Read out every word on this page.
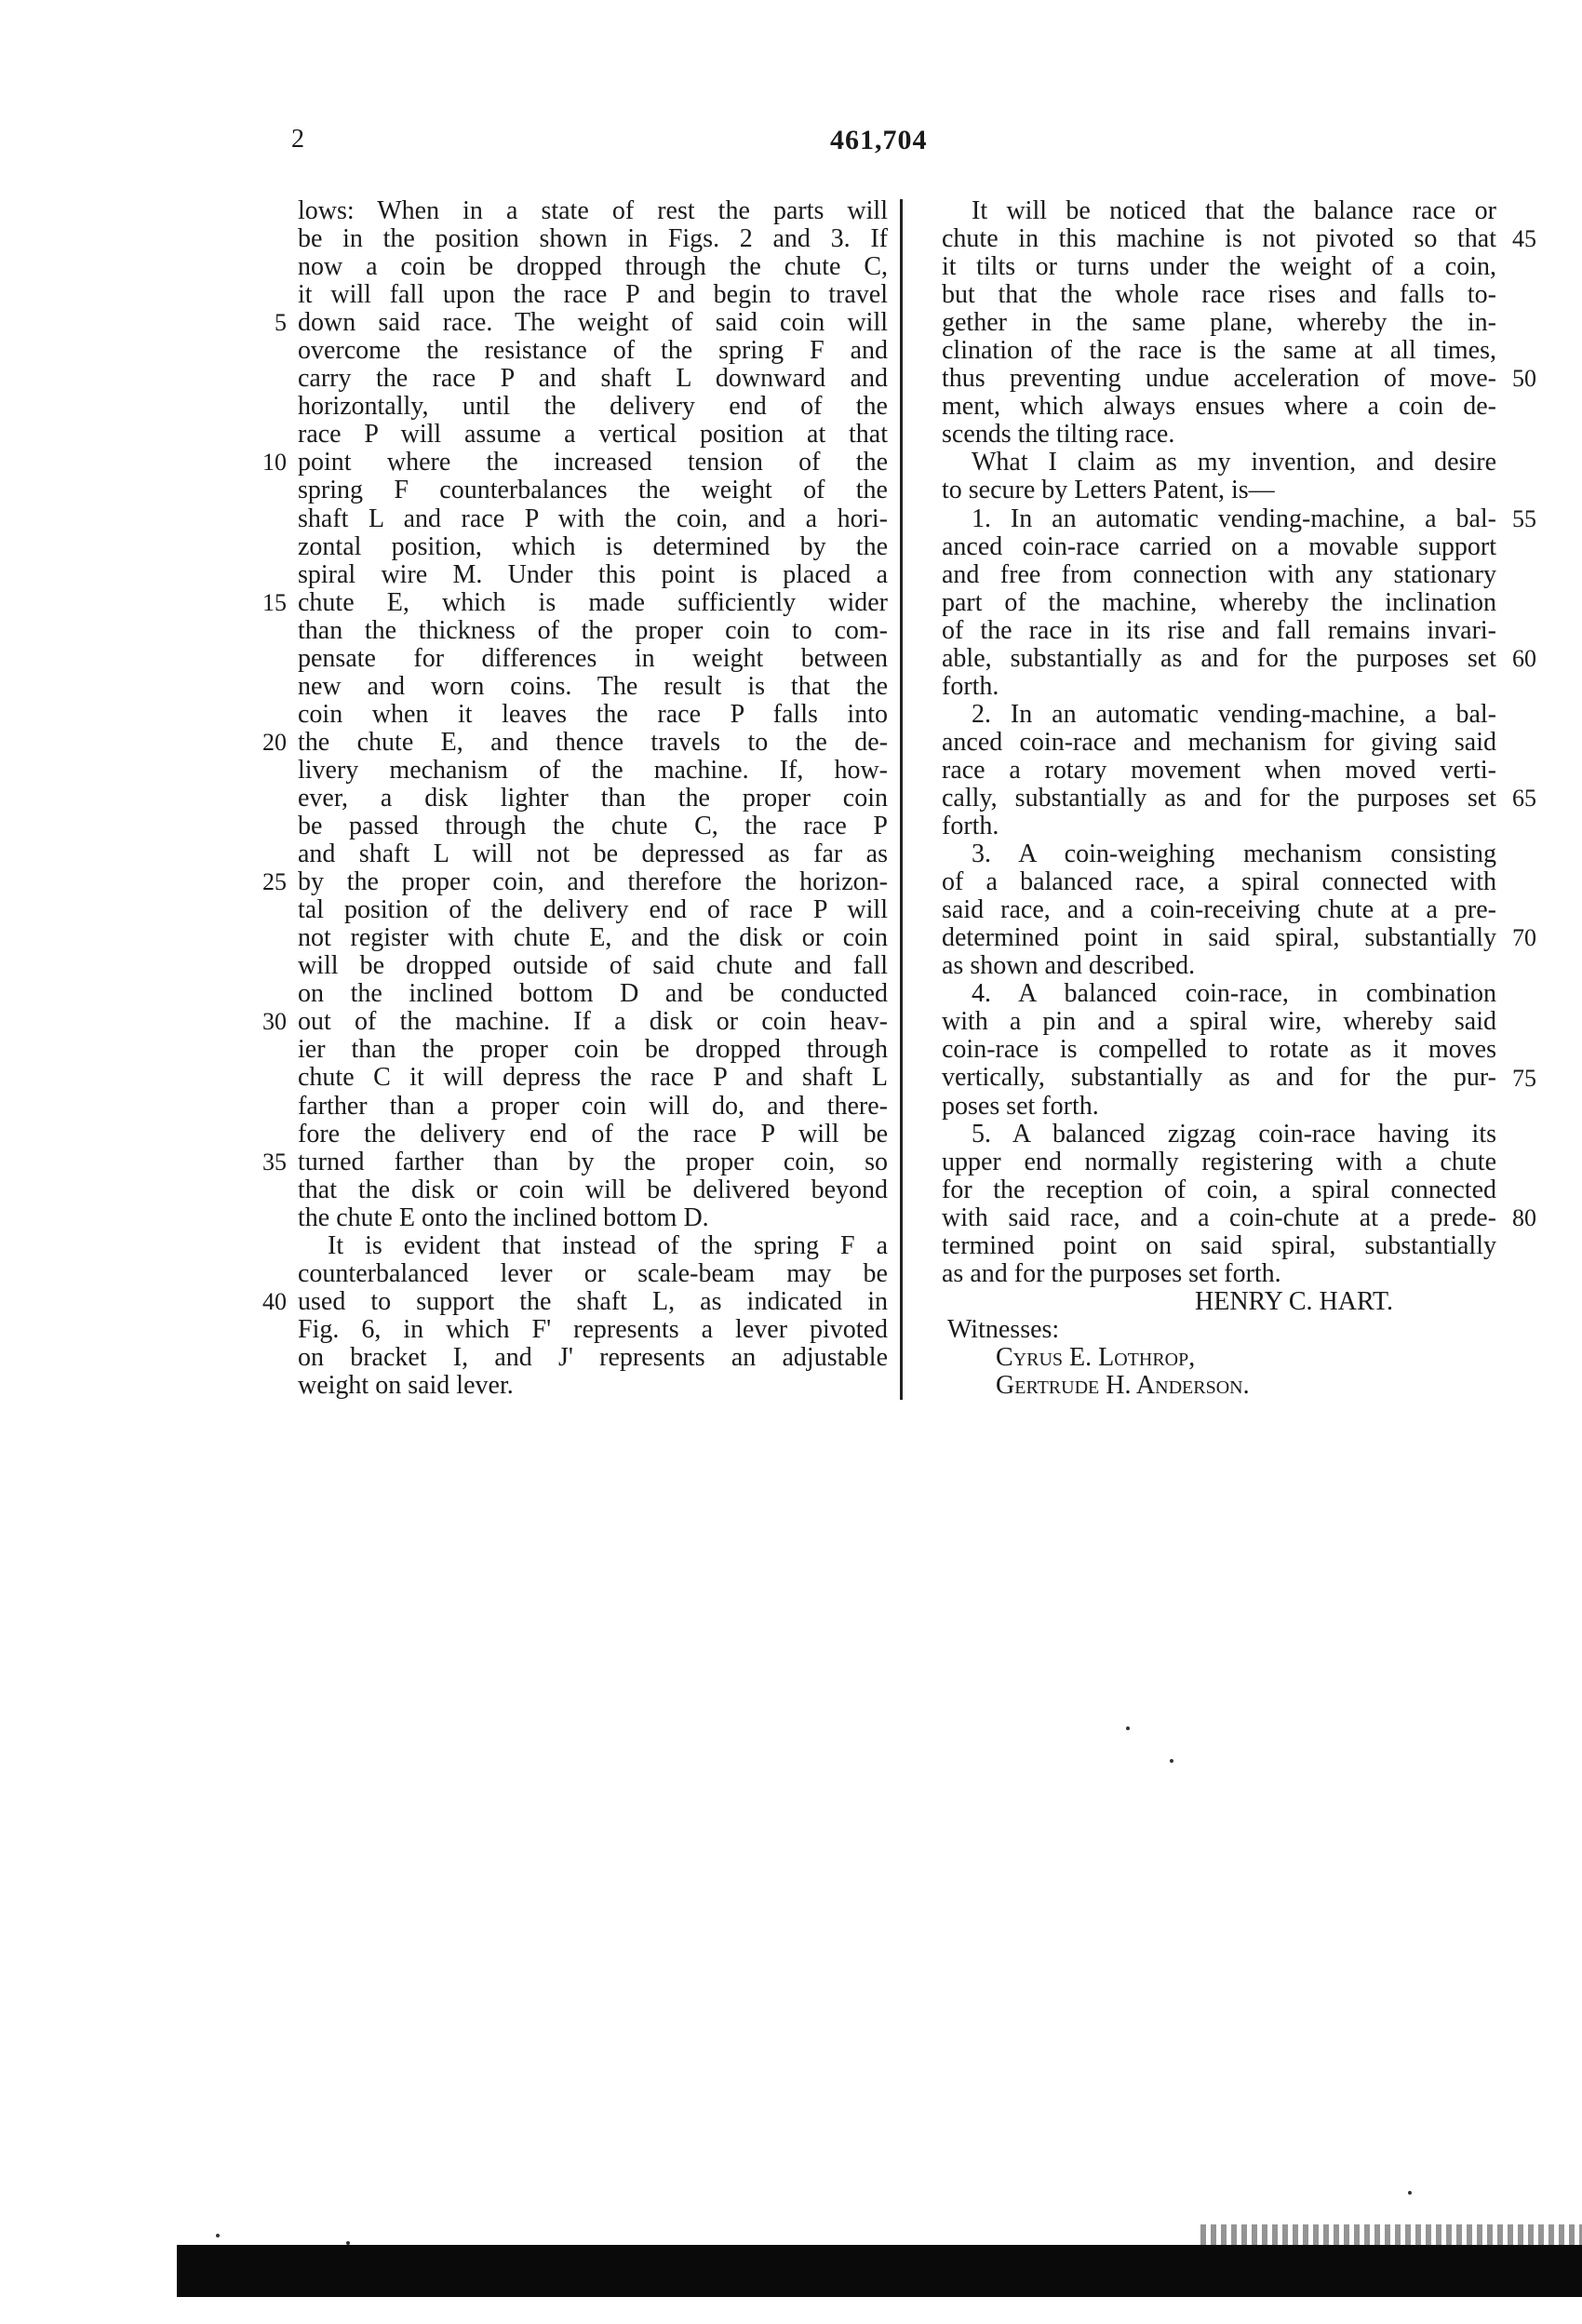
2	461,704
lows: When in a state of rest the parts will
be in the position shown in Figs. 2 and 3. If
now a coin be dropped through the chute C,
it will fall upon the race P and begin to travel
down said race. The weight of said coin will
overcome the resistance of the spring F and
carry the race P and shaft L downward and
horizontally, until the delivery end of the
race P will assume a vertical position at that
point where the increased tension of the
spring F counterbalances the weight of the
shaft L and race P with the coin, and a hori-
zontal position, which is determined by the
spiral wire M. Under this point is placed a
chute E, which is made sufficiently wider
than the thickness of the proper coin to com-
pensate for differences in weight between
new and worn coins. The result is that the
coin when it leaves the race P falls into
the chute E, and thence travels to the de-
livery mechanism of the machine. If, how-
ever, a disk lighter than the proper coin
be passed through the chute C, the race P
and shaft L will not be depressed as far as
by the proper coin, and therefore the horizon-
tal position of the delivery end of race P will
not register with chute E, and the disk or coin
will be dropped outside of said chute and fall
on the inclined bottom D and be conducted
out of the machine. If a disk or coin heav-
ier than the proper coin be dropped through
chute C it will depress the race P and shaft L
farther than a proper coin will do, and there-
fore the delivery end of the race P will be
turned farther than by the proper coin, so
that the disk or coin will be delivered beyond
the chute E onto the inclined bottom D.
It is evident that instead of the spring F a
counterbalanced lever or scale-beam may be
used to support the shaft L, as indicated in
Fig. 6, in which F' represents a lever pivoted
on bracket I, and J' represents an adjustable
weight on said lever.
It will be noticed that the balance race or
chute in this machine is not pivoted so that
it tilts or turns under the weight of a coin,
but that the whole race rises and falls to-
gether in the same plane, whereby the in-
clination of the race is the same at all times,
thus preventing undue acceleration of move-
ment, which always ensues where a coin de-
scends the tilting race.
What I claim as my invention, and desire
to secure by Letters Patent, is—
1. In an automatic vending-machine, a bal-
anced coin-race carried on a movable support
and free from connection with any stationary
part of the machine, whereby the inclination
of the race in its rise and fall remains invari-
able, substantially as and for the purposes set
forth.
2. In an automatic vending-machine, a bal-
anced coin-race and mechanism for giving said
race a rotary movement when moved verti-
cally, substantially as and for the purposes set
forth.
3. A coin-weighing mechanism consisting
of a balanced race, a spiral connected with
said race, and a coin-receiving chute at a pre-
determined point in said spiral, substantially
as shown and described.
4. A balanced coin-race, in combination
with a pin and a spiral wire, whereby said
coin-race is compelled to rotate as it moves
vertically, substantially as and for the pur-
poses set forth.
5. A balanced zigzag coin-race having its
upper end normally registering with a chute
for the reception of coin, a spiral connected
with said race, and a coin-chute at a prede-
termined point on said spiral, substantially
as and for the purposes set forth.
HENRY C. HART.
Witnesses:
Cyrus E. Lothrop,
Gertrude H. Anderson.
5
10
15
20
25
30
35
40
45
50
55
60
65
70
75
80
